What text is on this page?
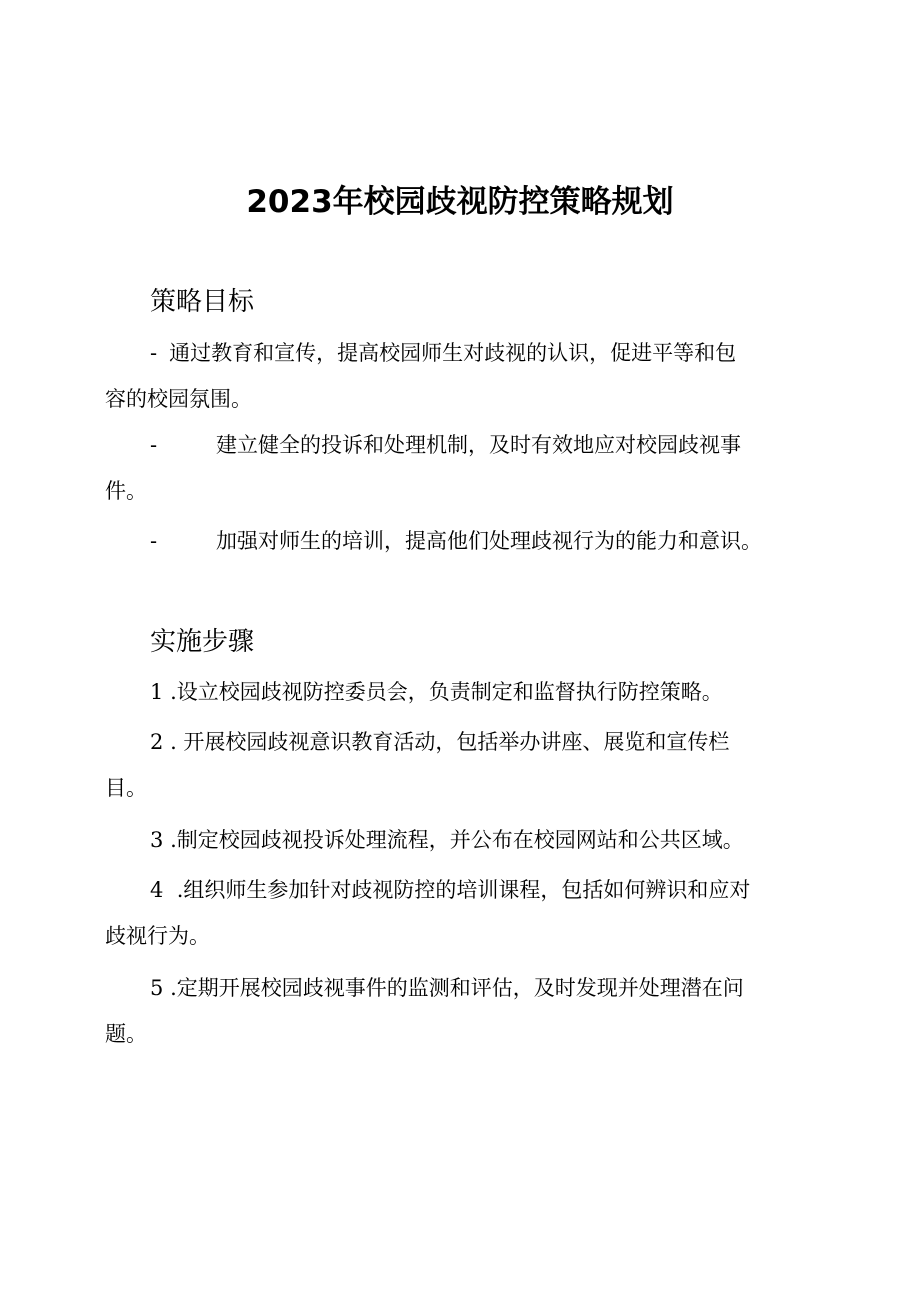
2023年校园歧视防控策略规划
策略目标
- 通过教育和宣传，提高校园师生对歧视的认识，促进平等和包
容的校园氛围。
-	建立健全的投诉和处理机制，及时有效地应对校园歧视事
件。
-	加强对师生的培训，提高他们处理歧视行为的能力和意识。
实施步骤
1 .设立校园歧视防控委员会，负责制定和监督执行防控策略。
2 . 开展校园歧视意识教育活动，包括举办讲座、展览和宣传栏
目。
3 .制定校园歧视投诉处理流程，并公布在校园网站和公共区域。
4 .组织师生参加针对歧视防控的培训课程，包括如何辨识和应对
歧视行为。
5 .定期开展校园歧视事件的监测和评估，及时发现并处理潜在问
题。
